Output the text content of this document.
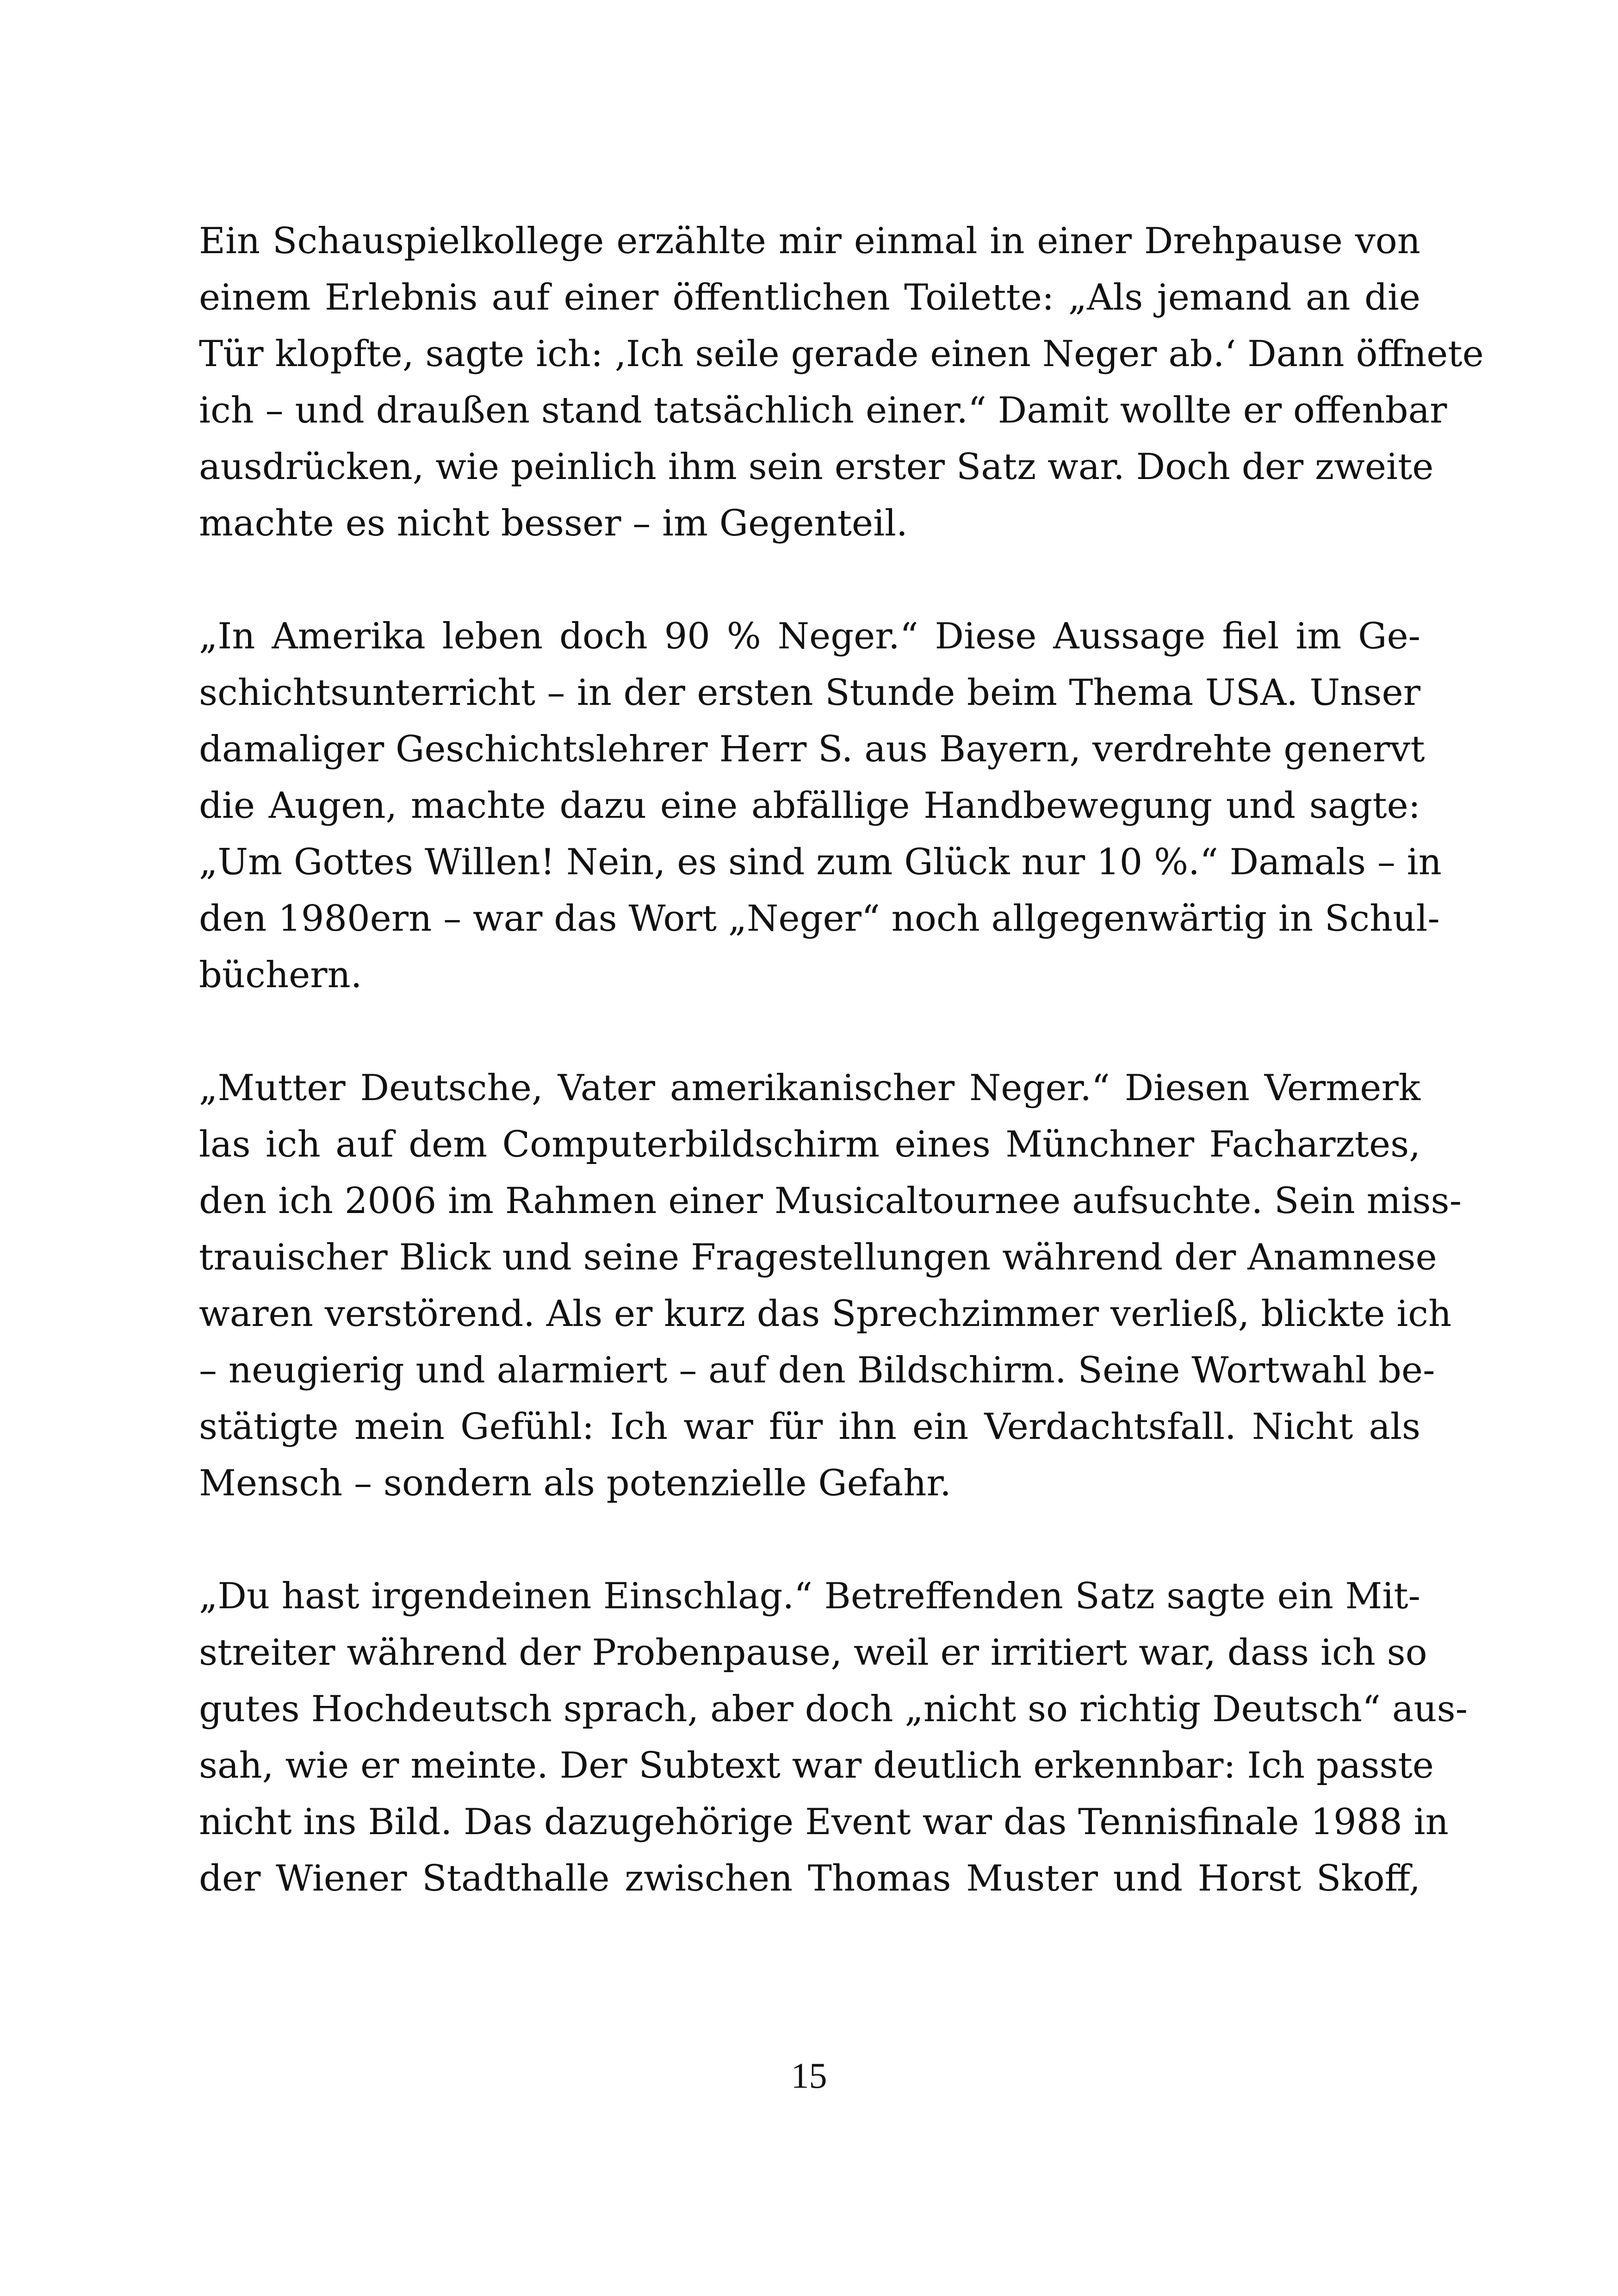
Ein Schauspielkollege erzählte mir einmal in einer Drehpause von
einem Erlebnis auf einer öffentlichen Toilette: „Als jemand an die
Tür klopfte, sagte ich: ‚Ich seile gerade einen Neger ab.‘ Dann öffnete
ich – und draußen stand tatsächlich einer.“ Damit wollte er offenbar
ausdrücken, wie peinlich ihm sein erster Satz war. Doch der zweite
machte es nicht besser – im Gegenteil.

„In Amerika leben doch 90 % Neger.“ Diese Aussage fiel im Ge-
schichtsunterricht – in der ersten Stunde beim Thema USA. Unser
damaliger Geschichtslehrer Herr S. aus Bayern, verdrehte genervt
die Augen, machte dazu eine abfällige Handbewegung und sagte:
„Um Gottes Willen! Nein, es sind zum Glück nur 10 %.“ Damals – in
den 1980ern – war das Wort „Neger“ noch allgegenwärtig in Schul-
büchern.

„Mutter Deutsche, Vater amerikanischer Neger.“ Diesen Vermerk
las ich auf dem Computerbildschirm eines Münchner Facharztes,
den ich 2006 im Rahmen einer Musicaltournee aufsuchte. Sein miss-
trauischer Blick und seine Fragestellungen während der Anamnese
waren verstörend. Als er kurz das Sprechzimmer verließ, blickte ich
– neugierig und alarmiert – auf den Bildschirm. Seine Wortwahl be-
stätigte mein Gefühl: Ich war für ihn ein Verdachtsfall. Nicht als
Mensch – sondern als potenzielle Gefahr.

„Du hast irgendeinen Einschlag.“ Betreffenden Satz sagte ein Mit-
streiter während der Probenpause, weil er irritiert war, dass ich so
gutes Hochdeutsch sprach, aber doch „nicht so richtig Deutsch“ aus-
sah, wie er meinte. Der Subtext war deutlich erkennbar: Ich passte
nicht ins Bild. Das dazugehörige Event war das Tennisfinale 1988 in
der Wiener Stadthalle zwischen Thomas Muster und Horst Skoff,

15
